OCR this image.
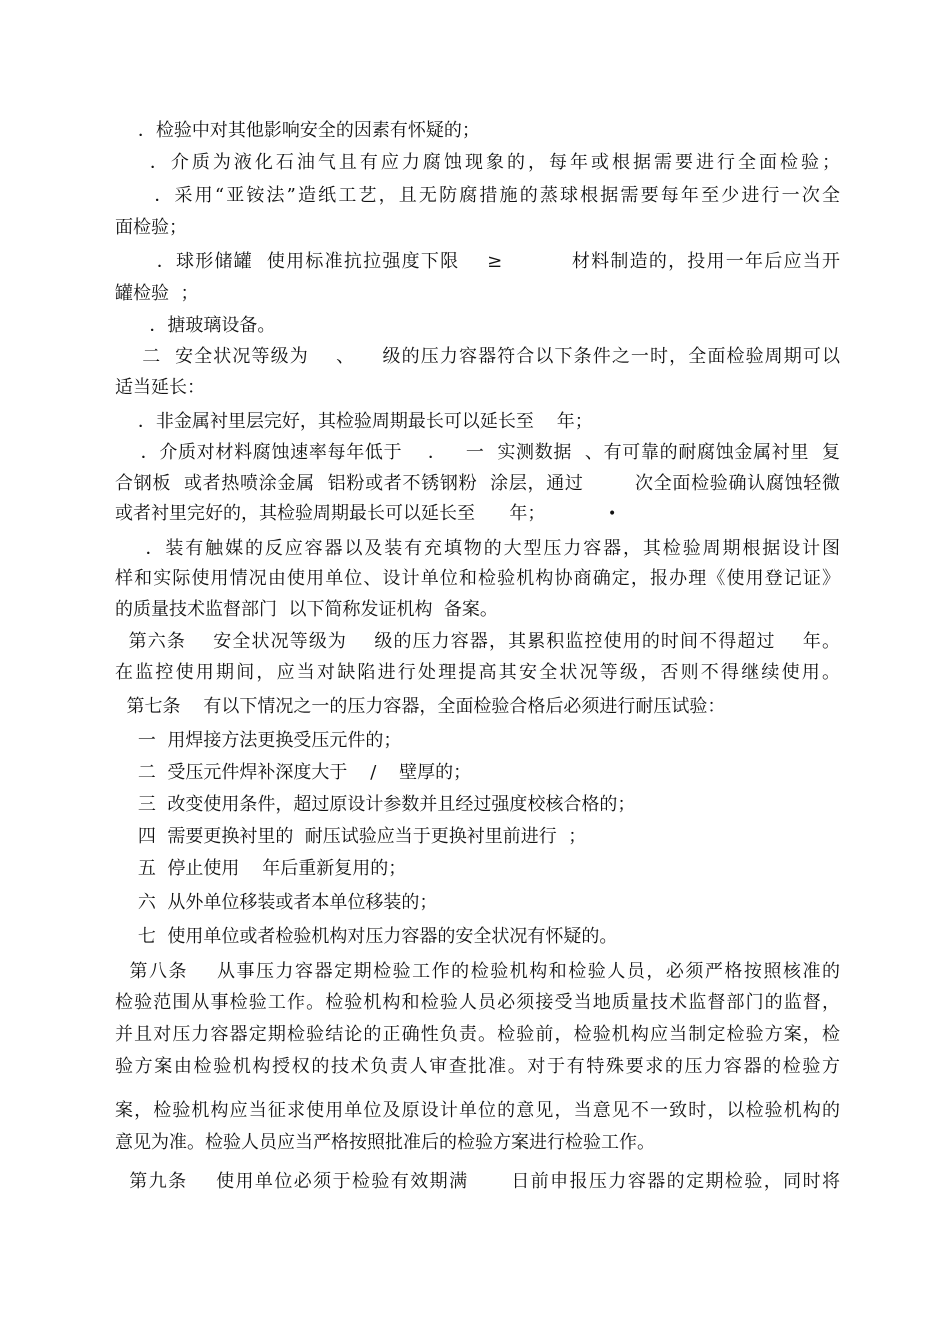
．检验中对其他影响安全的因素有怀疑的；
．介质为液化石油气且有应力腐蚀现象的，每年或根据需要进行全面检验；
．采用“亚铵法”造纸工艺，且无防腐措施的蒸球根据需要每年至少进行一次全
面检验；
．球形储罐  使用标准抗拉强度下限    ≥          材料制造的，投用一年后应当开
罐检验  ；
．搪玻璃设备。
二  安全状况等级为    、    级的压力容器符合以下条件之一时，全面检验周期可以
适当延长：
．非金属衬里层完好，其检验周期最长可以延长至    年；
．介质对材料腐蚀速率每年低于    ．   一  实测数据  、有可靠的耐腐蚀金属衬里  复
合钢板  或者热喷涂金属  铝粉或者不锈钢粉  涂层，通过        次全面检验确认腐蚀轻微
或者衬里完好的，其检验周期最长可以延长至      年；	•
．装有触媒的反应容器以及装有充填物的大型压力容器，其检验周期根据设计图
样和实际使用情况由使用单位、设计单位和检验机构协商确定，报办理《使用登记证》
的质量技术监督部门  以下简称发证机构  备案。
第六条    安全状况等级为    级的压力容器，其累积监控使用的时间不得超过    年。
在监控使用期间，应当对缺陷进行处理提高其安全状况等级，否则不得继续使用。
第七条    有以下情况之一的压力容器，全面检验合格后必须进行耐压试验：
一  用焊接方法更换受压元件的；
二  受压元件焊补深度大于    /    壁厚的；
三  改变使用条件，超过原设计参数并且经过强度校核合格的；
四  需要更换衬里的  耐压试验应当于更换衬里前进行  ；
五  停止使用    年后重新复用的；
六  从外单位移装或者本单位移装的；
七  使用单位或者检验机构对压力容器的安全状况有怀疑的。
第八条    从事压力容器定期检验工作的检验机构和检验人员，必须严格按照核准的
检验范围从事检验工作。检验机构和检验人员必须接受当地质量技术监督部门的监督，
并且对压力容器定期检验结论的正确性负责。检验前，检验机构应当制定检验方案，检
验方案由检验机构授权的技术负责人审查批准。对于有特殊要求的压力容器的检验方
案，检验机构应当征求使用单位及原设计单位的意见，当意见不一致时，以检验机构的
意见为准。检验人员应当严格按照批准后的检验方案进行检验工作。
第九条    使用单位必须于检验有效期满      日前申报压力容器的定期检验，同时将
